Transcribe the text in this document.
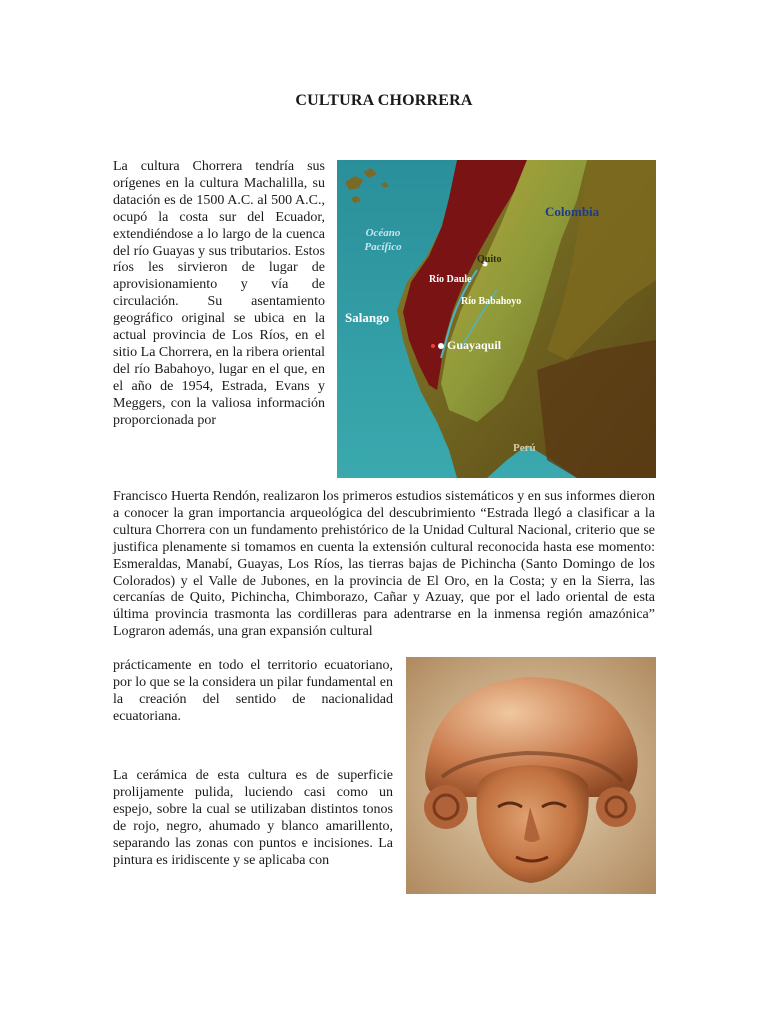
CULTURA CHORRERA

La cultura Chorrera tendría sus orígenes en la cultura Machalilla, su datación es de 1500 A.C. al 500 A.C., ocupó la costa sur del Ecuador, extendiéndose a lo largo de la cuenca del río Guayas y sus tributarios. Estos ríos les sirvieron de lugar de aprovisionamiento y vía de circulación. Su asentamiento geográfico original se ubica en la actual provincia de Los Ríos, en el sitio La Chorrera, en la ribera oriental del río Babahoyo, lugar en el que, en el año de 1954, Estrada, Evans y Meggers, con la valiosa información proporcionada por

Colombia
Océano Pacífico
Quito
Río Daule
Río Babahoyo
Salango
Guayaquil
Perú

Francisco Huerta Rendón, realizaron los primeros estudios sistemáticos y en sus informes dieron a conocer la gran importancia arqueológica del descubrimiento “Estrada llegó a clasificar a la cultura Chorrera con un fundamento prehistórico de la Unidad Cultural Nacional, criterio que se justifica plenamente si tomamos en cuenta la extensión cultural reconocida hasta ese momento: Esmeraldas, Manabí, Guayas, Los Ríos, las tierras bajas de Pichincha (Santo Domingo de los Colorados) y el Valle de Jubones, en la provincia de El Oro, en la Costa; y en la Sierra, las cercanías de Quito, Pichincha, Chimborazo, Cañar y Azuay, que por el lado oriental de esta última provincia trasmonta las cordilleras para adentrarse en la inmensa región amazónica” Lograron además, una gran expansión cultural

prácticamente en todo el territorio ecuatoriano, por lo que se la considera un pilar fundamental en la creación del sentido de nacionalidad ecuatoriana.

La cerámica de esta cultura es de superficie prolijamente pulida, luciendo casi como un espejo, sobre la cual se utilizaban distintos tonos de rojo, negro, ahumado y blanco amarillento, separando las zonas con puntos e incisiones. La pintura es iridiscente y se aplicaba con
